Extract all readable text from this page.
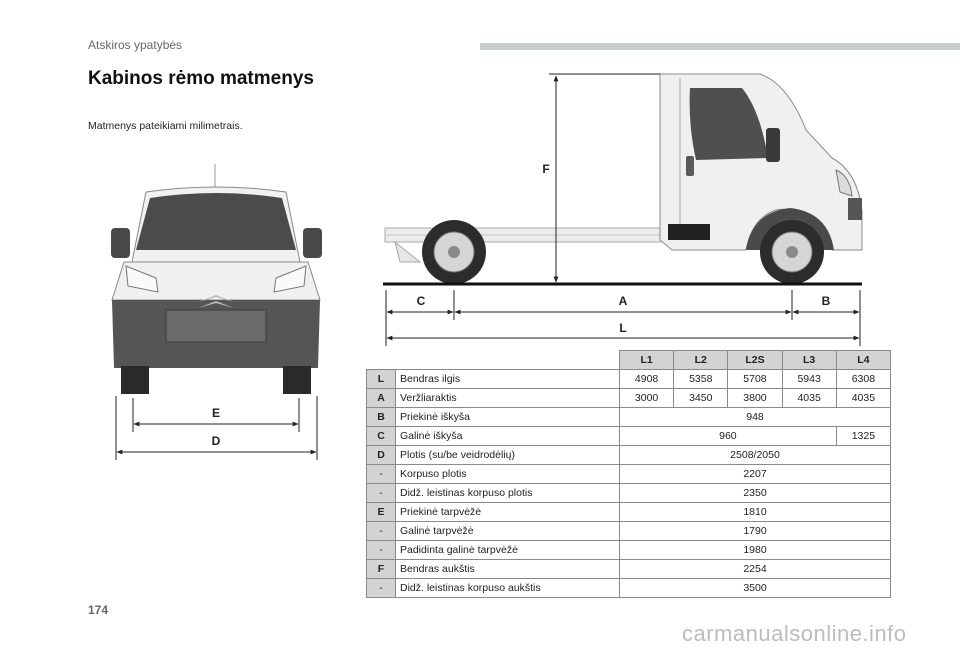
Atskiros ypatybės
Kabinos rėmo matmenys
Matmenys pateikiami milimetrais.
E
D
F
C	A	B
L
		L1	L2	L2S	L3	L4
L	Bendras ilgis	4908	5358	5708	5943	6308
A	Veržliaraktis	3000	3450	3800	4035	4035
B	Priekinė iškyša	948				
C	Galinė iškyša	960				1325
D	Plotis (su/be veidrodėlių)	2508/2050				
-	Korpuso plotis	2207				
-	Didž. leistinas korpuso plotis	2350				
E	Priekinė tarpvėžė	1810				
-	Galinė tarpvėžė	1790				
-	Padidinta galinė tarpvėžė	1980				
F	Bendras aukštis	2254				
-	Didž. leistinas korpuso aukštis	3500				
174
carmanualsonline.info
